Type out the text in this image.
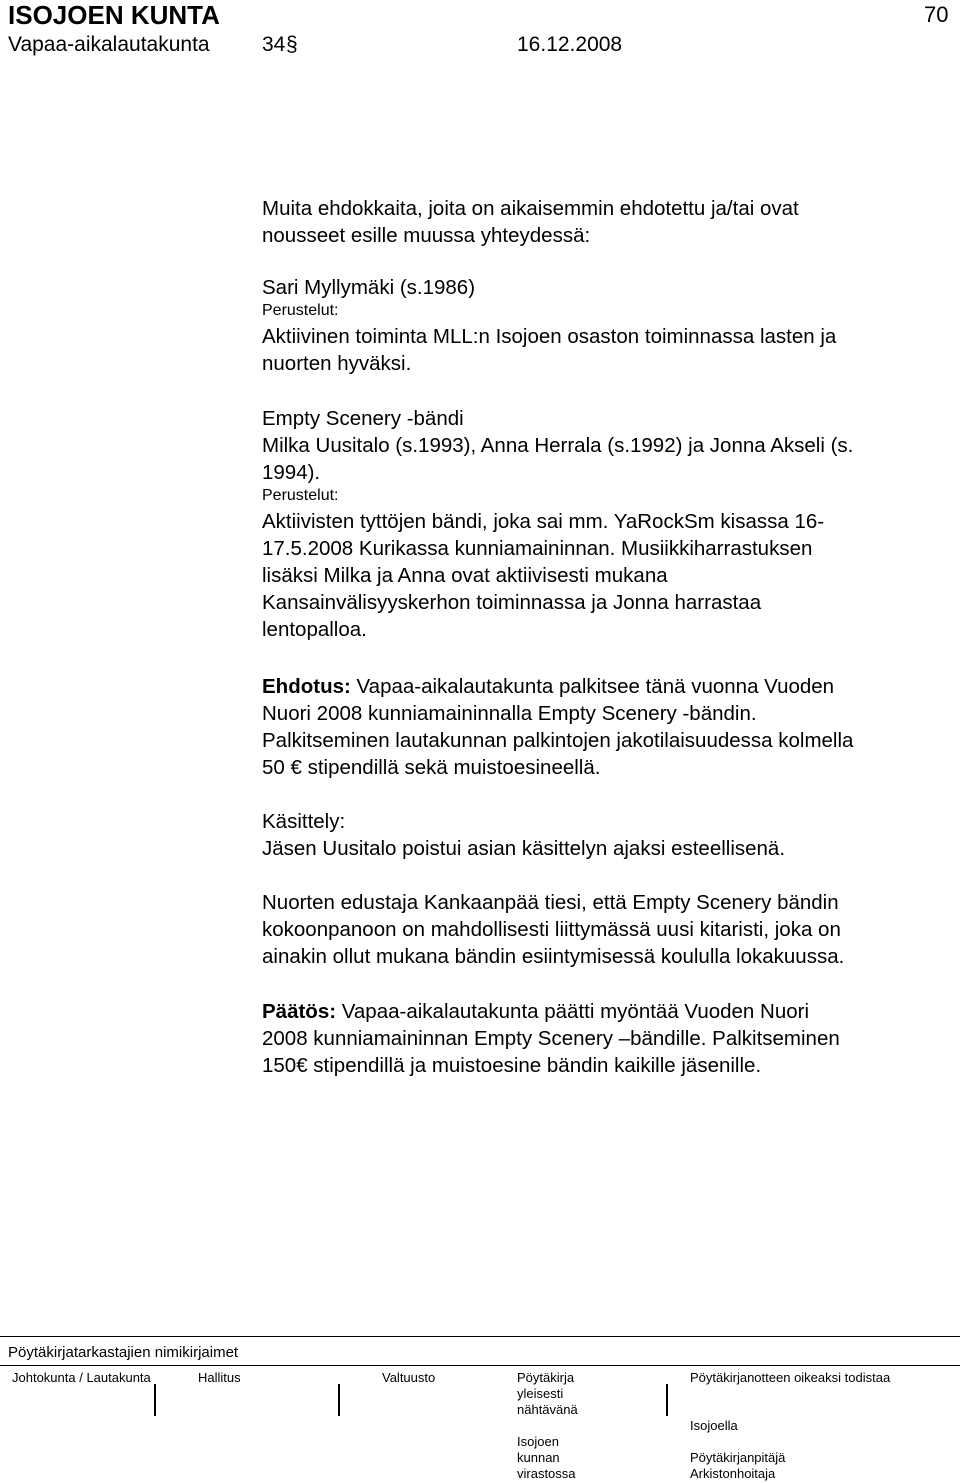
ISOJOEN KUNTA	70
Vapaa-aikalautakunta 34 §	16.12.2008
Muita ehdokkaita, joita on aikaisemmin ehdotettu ja/tai ovat
nousseet esille muussa yhteydessä:
Sari Myllymäki (s.1986)
Perustelut:
Aktiivinen toiminta MLL:n Isojoen osaston toiminnassa lasten ja
nuorten hyväksi.
Empty Scenery -bändi
Milka Uusitalo (s.1993), Anna Herrala (s.1992) ja Jonna Akseli (s.
1994).
Perustelut:
Aktiivisten tyttöjen bändi, joka sai mm. YaRockSm kisassa 16-
17.5.2008 Kurikassa kunniamaininnan. Musiikkiharrastuksen
lisäksi Milka ja Anna ovat aktiivisesti mukana
Kansainvälisyyskerhon toiminnassa ja Jonna harrastaa
lentopalloa.
Ehdotus: Vapaa-aikalautakunta palkitsee tänä vuonna Vuoden
Nuori 2008 kunniamaininnalla Empty Scenery -bändin.
Palkitseminen lautakunnan palkintojen jakotilaisuudessa kolmella
50 € stipendillä sekä muistoesineellä.
Käsittely:
Jäsen Uusitalo poistui asian käsittelyn ajaksi esteellisenä.
Nuorten edustaja Kankaanpää tiesi, että Empty Scenery bändin
kokoonpanoon on mahdollisesti liittymässä uusi kitaristi, joka on
ainakin ollut mukana bändin esiintymisessä koululla lokakuussa.
Päätös: Vapaa-aikalautakunta päätti myöntää Vuoden Nuori
2008 kunniamaininnan Empty Scenery –bändille. Palkitseminen
150€ stipendillä ja muistoesine bändin kaikille jäsenille.
Pöytäkirjatarkastajien nimikirjaimet
Johtokunta / Lautakunta	Hallitus	Valtuusto	Pöytäkirja
yleisesti
nähtävänä
Isojoen
kunnan
virastossa
Pöytäkirjanotteen oikeaksi todistaa
Isojoella
Pöytäkirjanpitäjä
Arkistonhoitaja
